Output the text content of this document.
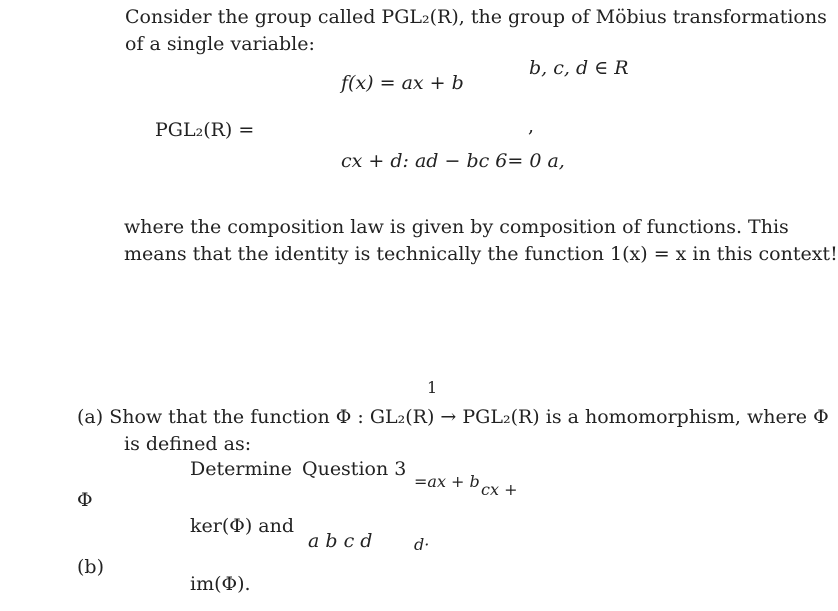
Consider the group called PGL₂(R), the group of Möbius transformations
of a single variable:
b, c, d ∈ R
f(x) = ax + b
PGL₂(R) =	,
cx + d: ad − bc 6= 0 a,
where the composition law is given by composition of functions. This
means that the identity is technically the function 1(x) = x in this context!
1
(a) Show that the function Φ : GL₂(R) → PGL₂(R) is a homomorphism, where Φ
is defined as:
Determine Question 3
=ax + b cx +
Φ
ker(Φ) and
a b c d	d·
(b)
im(Φ).
